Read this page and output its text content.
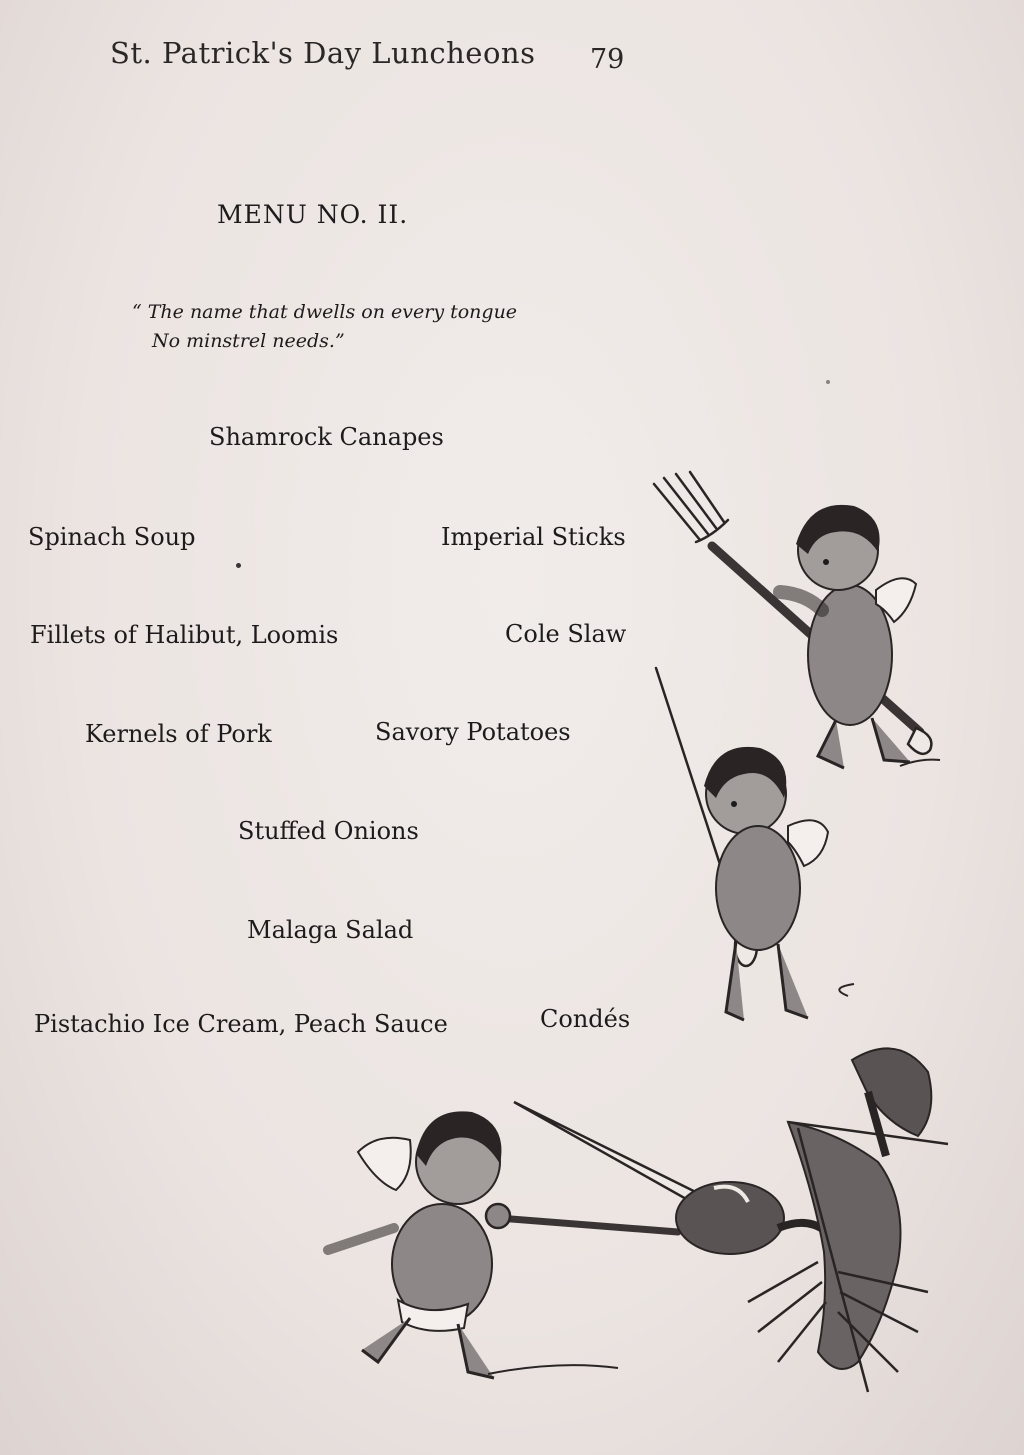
St. Patrick's Day Luncheons 79
MENU NO. II.
“ The name that dwells on every tongue
No minstrel needs.”
Shamrock Canapes
Spinach Soup	Imperial Sticks
Fillets of Halibut, Loomis	Cole Slaw
Kernels of Pork	Savory Potatoes
Stuffed Onions
Malaga Salad
Pistachio Ice Cream, Peach Sauce	Condés
